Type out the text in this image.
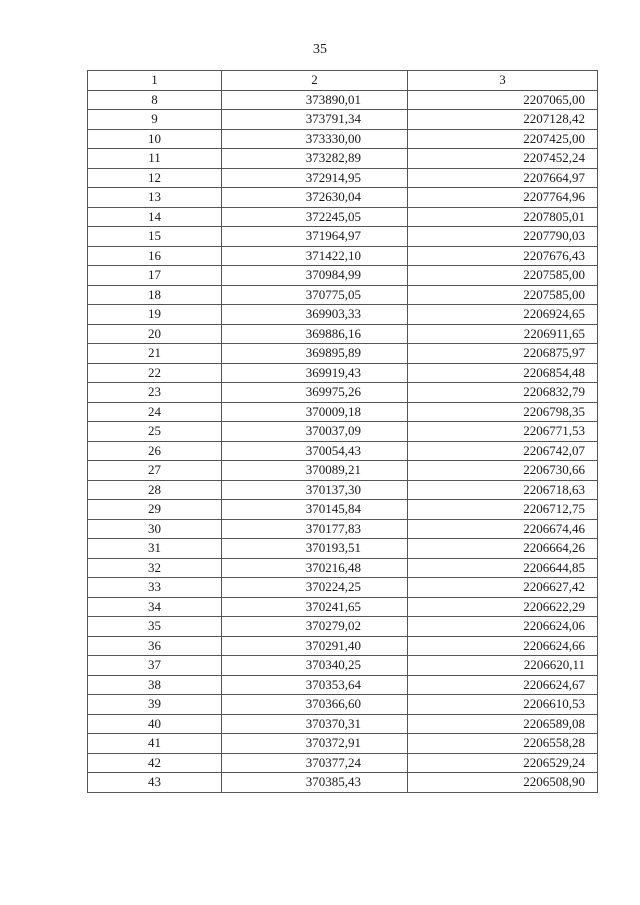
35
1	2	3
8	373890,01	2207065,00
9	373791,34	2207128,42
10	373330,00	2207425,00
11	373282,89	2207452,24
12	372914,95	2207664,97
13	372630,04	2207764,96
14	372245,05	2207805,01
15	371964,97	2207790,03
16	371422,10	2207676,43
17	370984,99	2207585,00
18	370775,05	2207585,00
19	369903,33	2206924,65
20	369886,16	2206911,65
21	369895,89	2206875,97
22	369919,43	2206854,48
23	369975,26	2206832,79
24	370009,18	2206798,35
25	370037,09	2206771,53
26	370054,43	2206742,07
27	370089,21	2206730,66
28	370137,30	2206718,63
29	370145,84	2206712,75
30	370177,83	2206674,46
31	370193,51	2206664,26
32	370216,48	2206644,85
33	370224,25	2206627,42
34	370241,65	2206622,29
35	370279,02	2206624,06
36	370291,40	2206624,66
37	370340,25	2206620,11
38	370353,64	2206624,67
39	370366,60	2206610,53
40	370370,31	2206589,08
41	370372,91	2206558,28
42	370377,24	2206529,24
43	370385,43	2206508,90
